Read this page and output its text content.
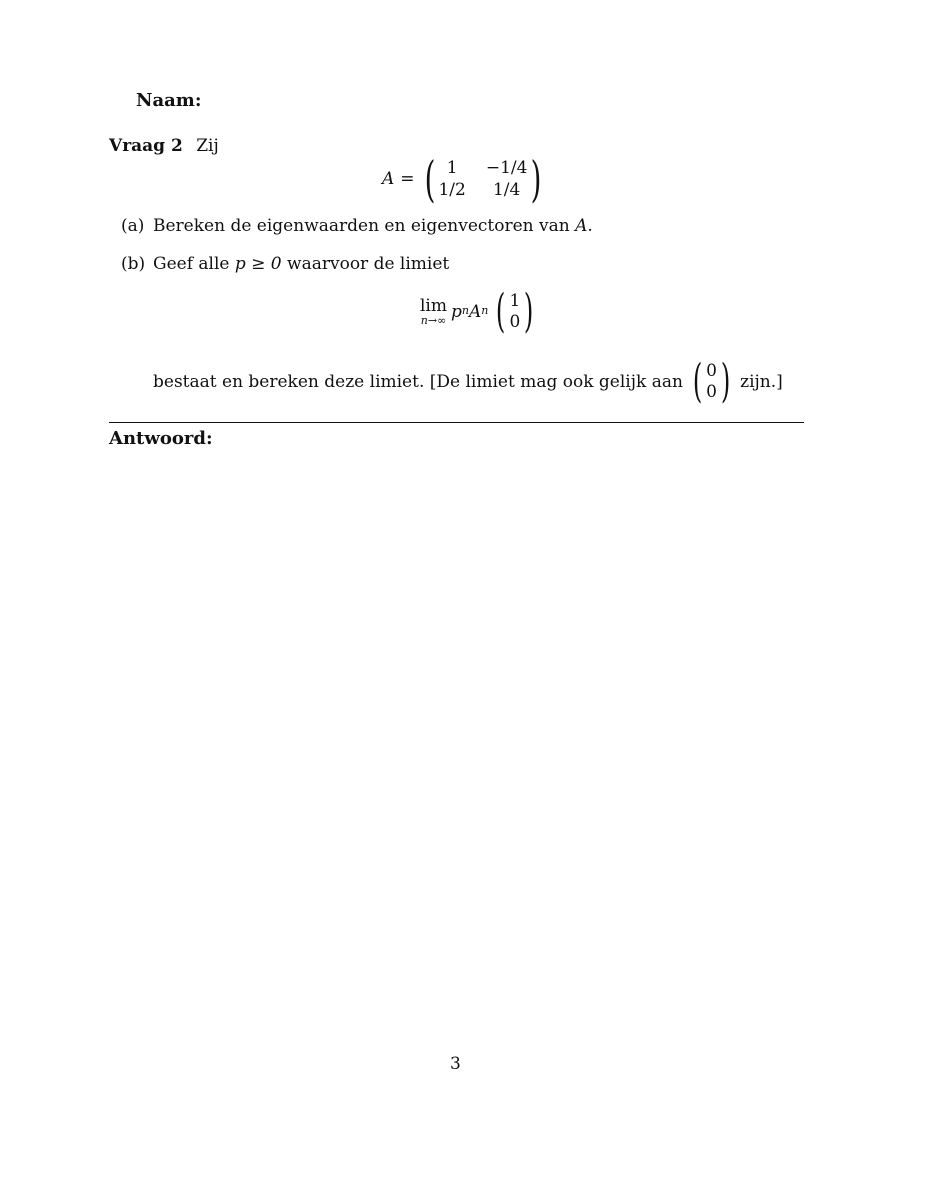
Naam:
Vraag 2 Zij
A = ( 1	−1/4
1/2	1/4 )
(a) Bereken de eigenwaarden en eigenvectoren van A.
(b) Geef alle p ≥ 0 waarvoor de limiet
lim
n→∞ $p^n$ $A^n$ ( 1
0 )
bestaat en bereken deze limiet. [De limiet mag ook gelijk aan ( 0
0 ) zijn.]
Antwoord:
3
